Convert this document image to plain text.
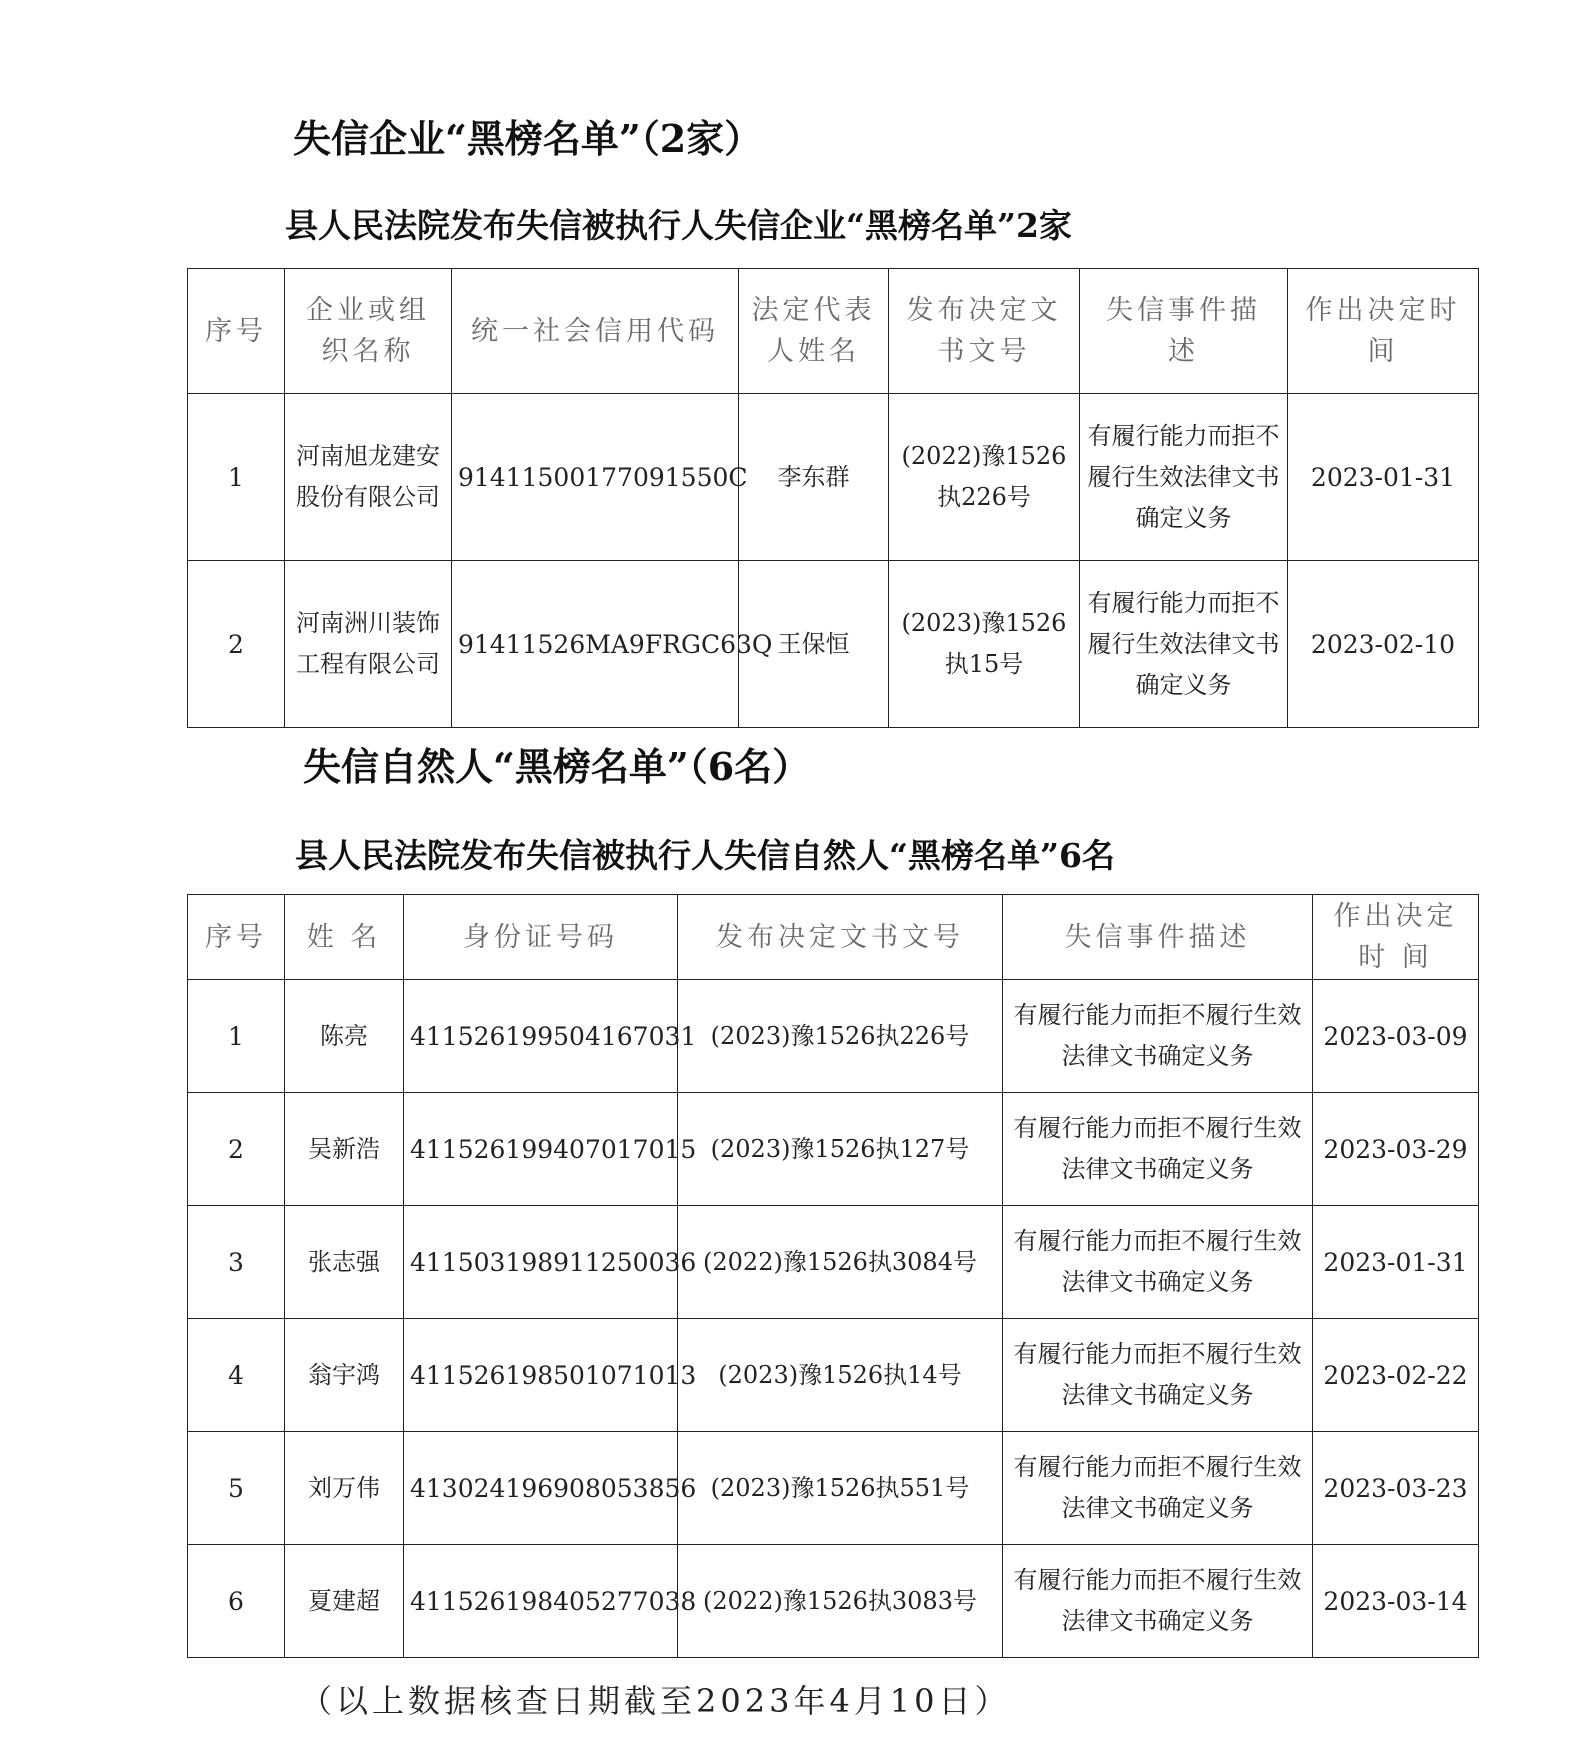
失信企业“黑榜名单”（2家）
县人民法院发布失信被执行人失信企业“黑榜名单”2家
序号	企业或组织名称	统一社会信用代码	法定代表人姓名	发布决定文书文号	失信事件描 述	作出决定时 间
1	河南旭龙建安股份有限公司	91411500177091550C	李东群	(2022)豫1526执226号	有履行能力而拒不履行生效法律文书确定义务	2023-01-31
2	河南洲川装饰工程有限公司	91411526MA9FRGC63Q	王保恒	(2023)豫1526执15号	有履行能力而拒不履行生效法律文书确定义务	2023-02-10
失信自然人“黑榜名单”（6名）
县人民法院发布失信被执行人失信自然人“黑榜名单”6名
序号	姓 名	身份证号码	发布决定文书文号	失信事件描述	作出决定时 间
1	陈亮	411526199504167031	(2023)豫1526执226号	有履行能力而拒不履行生效法律文书确定义务	2023-03-09
2	吴新浩	411526199407017015	(2023)豫1526执127号	有履行能力而拒不履行生效法律文书确定义务	2023-03-29
3	张志强	411503198911250036	(2022)豫1526执3084号	有履行能力而拒不履行生效法律文书确定义务	2023-01-31
4	翁宇鸿	411526198501071013	(2023)豫1526执14号	有履行能力而拒不履行生效法律文书确定义务	2023-02-22
5	刘万伟	413024196908053856	(2023)豫1526执551号	有履行能力而拒不履行生效法律文书确定义务	2023-03-23
6	夏建超	411526198405277038	(2022)豫1526执3083号	有履行能力而拒不履行生效法律文书确定义务	2023-03-14
（以上数据核查日期截至2023年4月10日）
